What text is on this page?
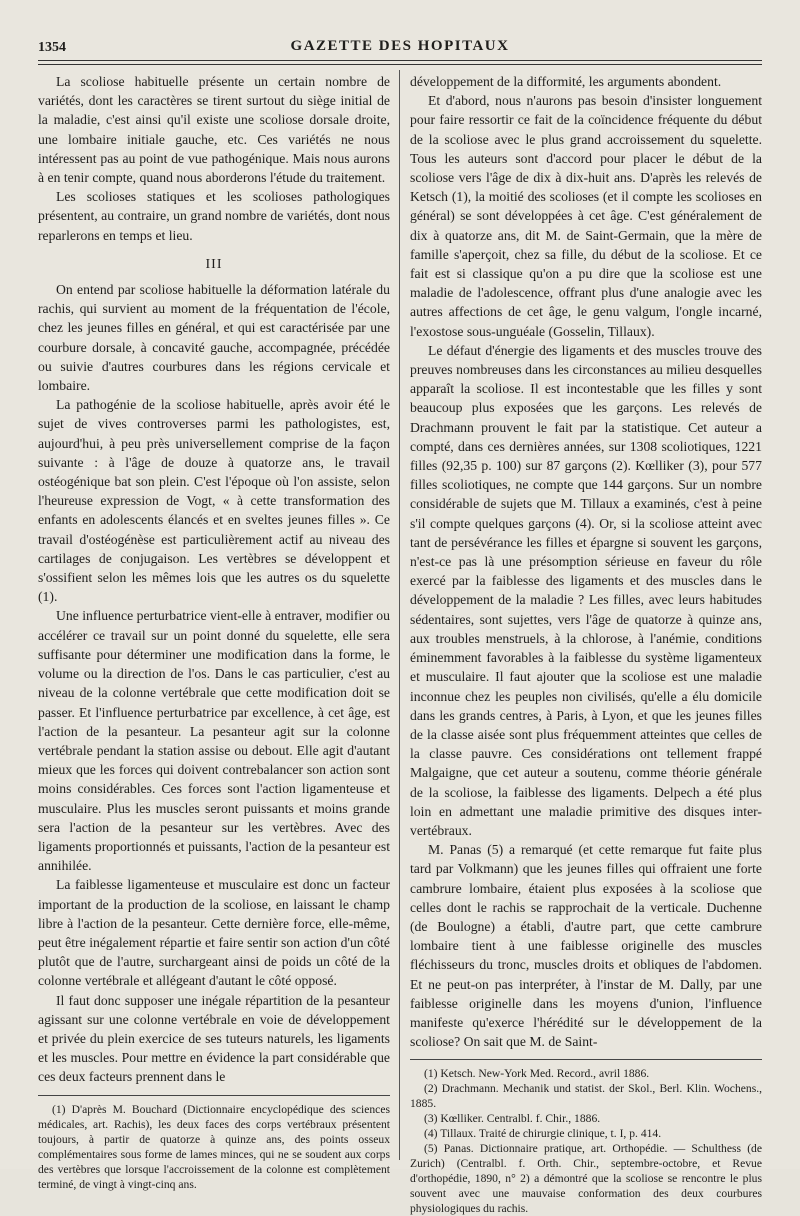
1354	GAZETTE DES HOPITAUX

La scoliose habituelle présente un certain nombre de variétés, dont les caractères se tirent surtout du siège initial de la maladie, c'est ainsi qu'il existe une scoliose dorsale droite, une lombaire initiale gauche, etc. Ces variétés ne nous intéressent pas au point de vue pathogénique. Mais nous aurons à en tenir compte, quand nous aborderons l'étude du traitement.

Les scolioses statiques et les scolioses pathologiques présentent, au contraire, un grand nombre de variétés, dont nous reparlerons en temps et lieu.

III

On entend par scoliose habituelle la déformation latérale du rachis, qui survient au moment de la fréquentation de l'école, chez les jeunes filles en général, et qui est caractérisée par une courbure dorsale, à concavité gauche, accompagnée, précédée ou suivie d'autres courbures dans les régions cervicale et lombaire.

La pathogénie de la scoliose habituelle, après avoir été le sujet de vives controverses parmi les pathologistes, est, aujourd'hui, à peu près universellement comprise de la façon suivante : à l'âge de douze à quatorze ans, le travail ostéogénique bat son plein. C'est l'époque où l'on assiste, selon l'heureuse expression de Vogt, « à cette transformation des enfants en adolescents élancés et en sveltes jeunes filles ». Ce travail d'ostéogénèse est particulièrement actif au niveau des cartilages de conjugaison. Les vertèbres se développent et s'ossifient selon les mêmes lois que les autres os du squelette (1).

Une influence perturbatrice vient-elle à entraver, modifier ou accélérer ce travail sur un point donné du squelette, elle sera suffisante pour déterminer une modification dans la forme, le volume ou la direction de l'os. Dans le cas particulier, c'est au niveau de la colonne vertébrale que cette modification doit se passer. Et l'influence perturbatrice par excellence, à cet âge, est l'action de la pesanteur. La pesanteur agit sur la colonne vertébrale pendant la station assise ou debout. Elle agit d'autant mieux que les forces qui doivent contrebalancer son action sont moins considérables. Ces forces sont l'action ligamenteuse et musculaire. Plus les muscles seront puissants et moins grande sera l'action de la pesanteur sur les vertèbres. Avec des ligaments proportionnés et puissants, l'action de la pesanteur est annihilée.

La faiblesse ligamenteuse et musculaire est donc un facteur important de la production de la scoliose, en laissant le champ libre à l'action de la pesanteur. Cette dernière force, elle-même, peut être inégalement répartie et faire sentir son action d'un côté plutôt que de l'autre, surchargeant ainsi de poids un côté de la colonne vertébrale et allégeant d'autant le côté opposé.

Il faut donc supposer une inégale répartition de la pesanteur agissant sur une colonne vertébrale en voie de développement et privée du plein exercice de ses tuteurs naturels, les ligaments et les muscles. Pour mettre en évidence la part considérable que ces deux facteurs prennent dans le

(1) D'après M. Bouchard (Dictionnaire encyclopédique des sciences médicales, art. Rachis), les deux faces des corps vertébraux présentent toujours, à partir de quatorze à quinze ans, des points osseux complémentaires sous forme de lames minces, qui ne se soudent aux corps des vertèbres que lorsque l'accroissement de la colonne est complètement terminé, de vingt à vingt-cinq ans.

développement de la difformité, les arguments abondent.

Et d'abord, nous n'aurons pas besoin d'insister longuement pour faire ressortir ce fait de la coïncidence fréquente du début de la scoliose avec le plus grand accroissement du squelette. Tous les auteurs sont d'accord pour placer le début de la scoliose vers l'âge de dix à dix-huit ans. D'après les relevés de Ketsch (1), la moitié des scolioses (et il compte les scolioses en général) se sont développées à cet âge. C'est généralement de dix à quatorze ans, dit M. de Saint-Germain, que la mère de famille s'aperçoit, chez sa fille, du début de la scoliose. Et ce fait est si classique qu'on a pu dire que la scoliose est une maladie de l'adolescence, offrant plus d'une analogie avec les autres affections de cet âge, le genu valgum, l'ongle incarné, l'exostose sous-unguéale (Gosselin, Tillaux).

Le défaut d'énergie des ligaments et des muscles trouve des preuves nombreuses dans les circonstances au milieu desquelles apparaît la scoliose. Il est incontestable que les filles y sont beaucoup plus exposées que les garçons. Les relevés de Drachmann prouvent le fait par la statistique. Cet auteur a compté, dans ces dernières années, sur 1308 scoliotiques, 1221 filles (92,35 p. 100) sur 87 garçons (2). Kœlliker (3), pour 577 filles scoliotiques, ne compte que 144 garçons. Sur un nombre considérable de sujets que M. Tillaux a examinés, c'est à peine s'il compte quelques garçons (4). Or, si la scoliose atteint avec tant de persévérance les filles et épargne si souvent les garçons, n'est-ce pas là une présomption sérieuse en faveur du rôle exercé par la faiblesse des ligaments et des muscles dans le développement de la maladie ? Les filles, avec leurs habitudes sédentaires, sont sujettes, vers l'âge de quatorze à quinze ans, aux troubles menstruels, à la chlorose, à l'anémie, conditions éminemment favorables à la faiblesse du système ligamenteux et musculaire. Il faut ajouter que la scoliose est une maladie inconnue chez les peuples non civilisés, qu'elle a élu domicile dans les grands centres, à Paris, à Lyon, et que les jeunes filles de la classe aisée sont plus fréquemment atteintes que celles de la classe pauvre. Ces considérations ont tellement frappé Malgaigne, que cet auteur a soutenu, comme théorie générale de la scoliose, la faiblesse des ligaments. Delpech a été plus loin en admettant une maladie primitive des disques inter-vertébraux.

M. Panas (5) a remarqué (et cette remarque fut faite plus tard par Volkmann) que les jeunes filles qui offraient une forte cambrure lombaire, étaient plus exposées à la scoliose que celles dont le rachis se rapprochait de la verticale. Duchenne (de Boulogne) a établi, d'autre part, que cette cambrure lombaire tient à une faiblesse originelle des muscles fléchisseurs du tronc, muscles droits et obliques de l'abdomen. Et ne peut-on pas interpréter, à l'instar de M. Dally, par une faiblesse originelle dans les moyens d'union, l'influence manifeste qu'exerce l'hérédité sur le développement de la scoliose? On sait que M. de Saint-

(1) Ketsch. New-York Med. Record., avril 1886.

(2) Drachmann. Mechanik und statist. der Skol., Berl. Klin. Wochens., 1885.

(3) Kœlliker. Centralbl. f. Chir., 1886.

(4) Tillaux. Traité de chirurgie clinique, t. I, p. 414.

(5) Panas. Dictionnaire pratique, art. Orthopédie. — Schulthess (de Zurich) (Centralbl. f. Orth. Chir., septembre-octobre, et Revue d'orthopédie, 1890, n° 2) a démontré que la scoliose se rencontre le plus souvent avec une mauvaise conformation des deux courbures physiologiques du rachis.
